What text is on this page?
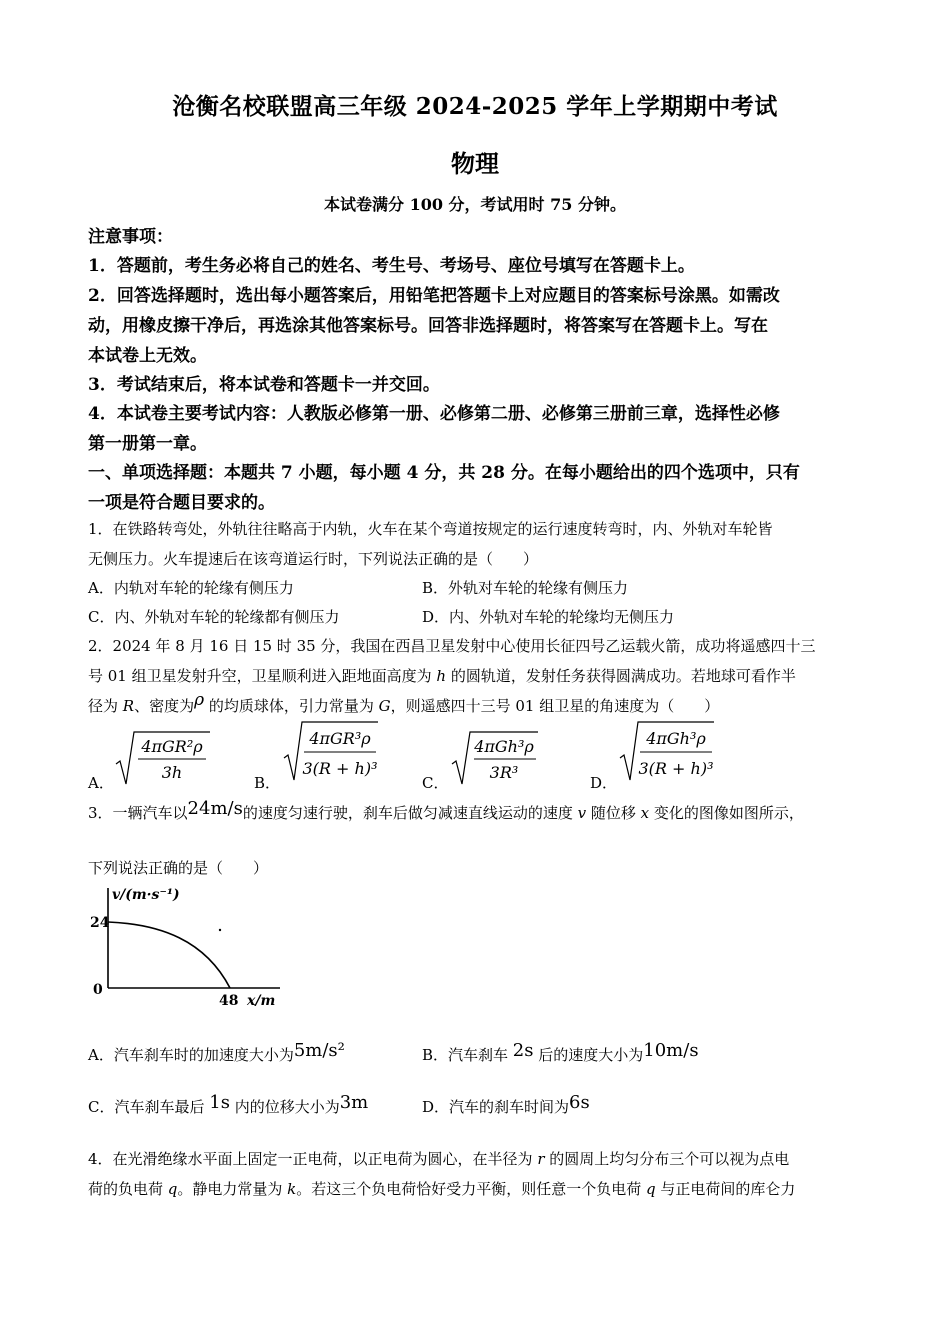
沧衡名校联盟高三年级 2024-2025 学年上学期期中考试
物理
本试卷满分 100 分，考试用时 75 分钟。
注意事项：
1．答题前，考生务必将自己的姓名、考生号、考场号、座位号填写在答题卡上。
2．回答选择题时，选出每小题答案后，用铅笔把答题卡上对应题目的答案标号涂黑。如需改
动，用橡皮擦干净后，再选涂其他答案标号。回答非选择题时，将答案写在答题卡上。写在
本试卷上无效。
3．考试结束后，将本试卷和答题卡一并交回。
4．本试卷主要考试内容：人教版必修第一册、必修第二册、必修第三册前三章，选择性必修
第一册第一章。
一、单项选择题：本题共 7 小题，每小题 4 分，共 28 分。在每小题给出的四个选项中，只有
一项是符合题目要求的。
1．在铁路转弯处，外轨往往略高于内轨，火车在某个弯道按规定的运行速度转弯时，内、外轨对车轮皆
无侧压力。火车提速后在该弯道运行时，下列说法正确的是（　　）
A．内轨对车轮的轮缘有侧压力	B．外轨对车轮的轮缘有侧压力
C．内、外轨对车轮的轮缘都有侧压力	D．内、外轨对车轮的轮缘均无侧压力
2．2024 年 8 月 16 日 15 时 35 分，我国在西昌卫星发射中心使用长征四号乙运载火箭，成功将遥感四十三
号 01 组卫星发射升空，卫星顺利进入距地面高度为 h 的圆轨道，发射任务获得圆满成功。若地球可看作半
径为 R、密度为ρ 的均质球体，引力常量为 G，则遥感四十三号 01 组卫星的角速度为（　　）
A．
4πGR²ρ
3h
B．
4πGR³ρ
3(R + h)³
C．
4πGh³ρ
3R³
D．
4πGh³ρ
3(R + h)³
3．一辆汽车以24m/s的速度匀速行驶，刹车后做匀减速直线运动的速度 v 随位移 x 变化的图像如图所示，
下列说法正确的是（　　）
v/(m·s⁻¹)
24
0
48 x/m
A．汽车刹车时的加速度大小为5m/s²	B．汽车刹车 2s 后的速度大小为10m/s
C．汽车刹车最后 1s 内的位移大小为3m	D．汽车的刹车时间为6s
4．在光滑绝缘水平面上固定一正电荷，以正电荷为圆心，在半径为 r 的圆周上均匀分布三个可以视为点电
荷的负电荷 q。静电力常量为 k。若这三个负电荷恰好受力平衡，则任意一个负电荷 q 与正电荷间的库仑力
